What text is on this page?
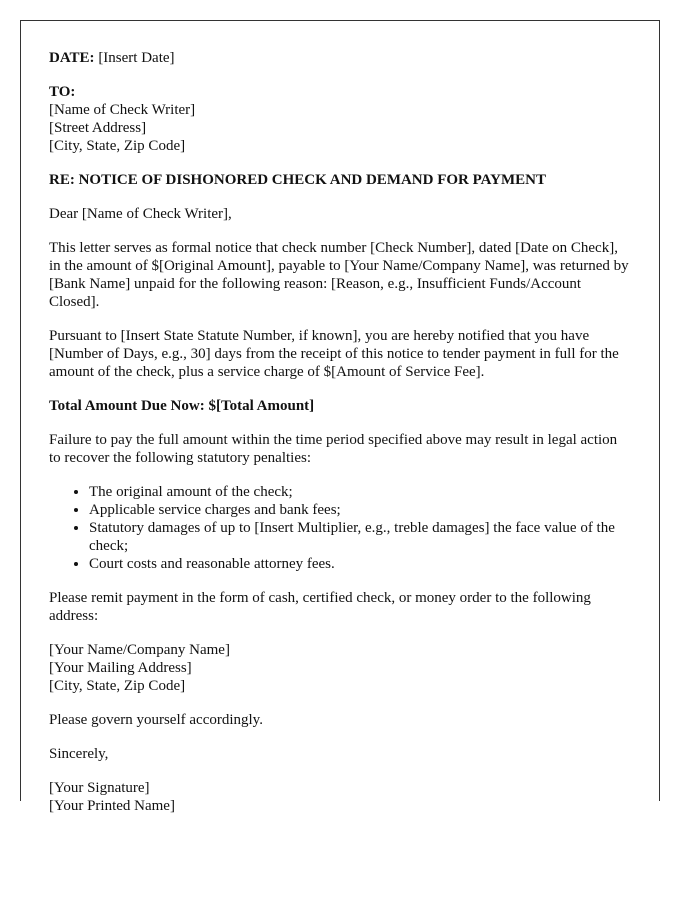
DATE: [Insert Date]

TO:
[Name of Check Writer]
[Street Address]
[City, State, Zip Code]

RE: NOTICE OF DISHONORED CHECK AND DEMAND FOR PAYMENT

Dear [Name of Check Writer],

This letter serves as formal notice that check number [Check Number], dated [Date on Check], in the amount of $[Original Amount], payable to [Your Name/Company Name], was returned by [Bank Name] unpaid for the following reason: [Reason, e.g., Insufficient Funds/Account Closed].

Pursuant to [Insert State Statute Number, if known], you are hereby notified that you have [Number of Days, e.g., 30] days from the receipt of this notice to tender payment in full for the amount of the check, plus a service charge of $[Amount of Service Fee].

Total Amount Due Now: $[Total Amount]

Failure to pay the full amount within the time period specified above may result in legal action to recover the following statutory penalties:

• The original amount of the check;
• Applicable service charges and bank fees;
• Statutory damages of up to [Insert Multiplier, e.g., treble damages] the face value of the check;
• Court costs and reasonable attorney fees.

Please remit payment in the form of cash, certified check, or money order to the following address:

[Your Name/Company Name]
[Your Mailing Address]
[City, State, Zip Code]

Please govern yourself accordingly.

Sincerely,

[Your Signature]
[Your Printed Name]
